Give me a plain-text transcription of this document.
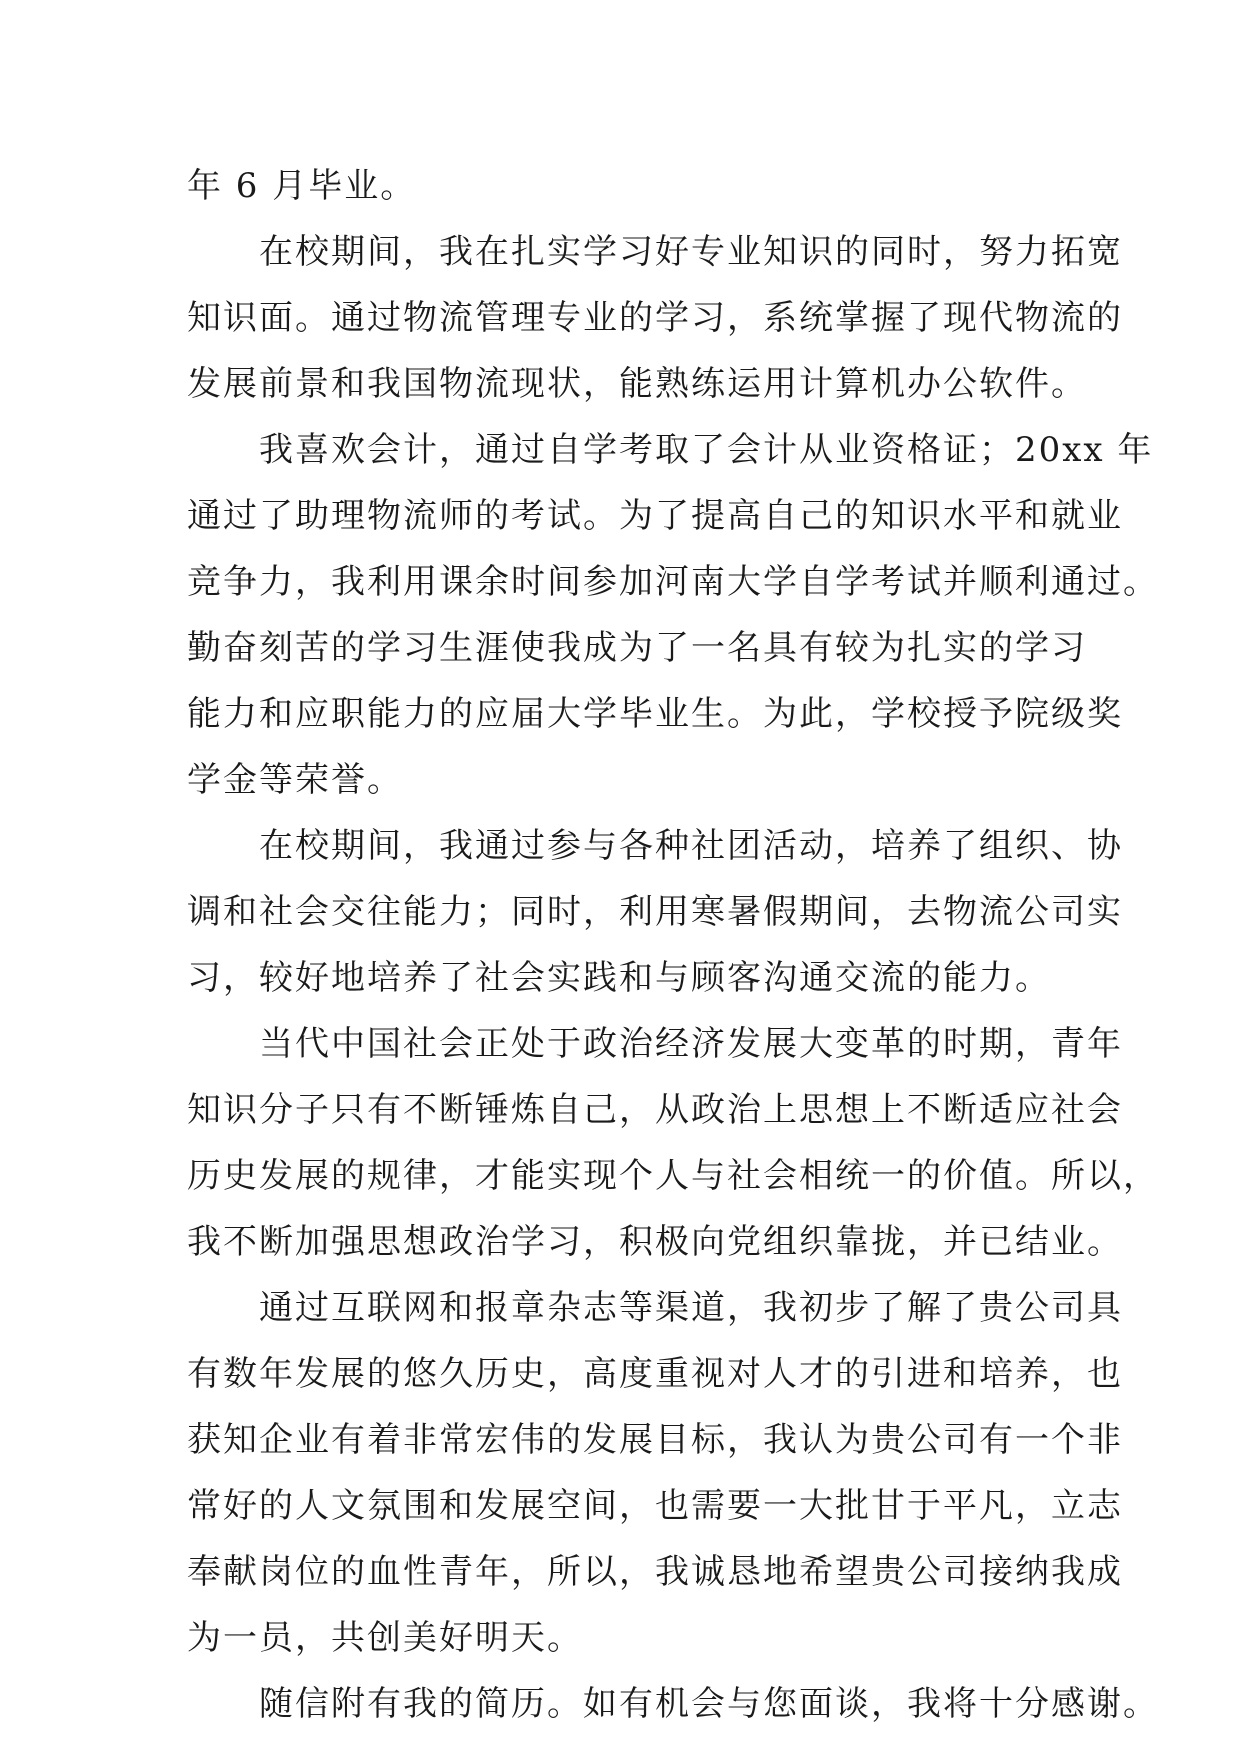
年 6 月毕业。
在校期间，我在扎实学习好专业知识的同时，努力拓宽
知识面。通过物流管理专业的学习，系统掌握了现代物流的
发展前景和我国物流现状，能熟练运用计算机办公软件。
我喜欢会计，通过自学考取了会计从业资格证；20xx 年
通过了助理物流师的考试。为了提高自己的知识水平和就业
竞争力，我利用课余时间参加河南大学自学考试并顺利通过。
勤奋刻苦的学习生涯使我成为了一名具有较为扎实的学习
能力和应职能力的应届大学毕业生。为此，学校授予院级奖
学金等荣誉。
在校期间，我通过参与各种社团活动，培养了组织、协
调和社会交往能力；同时，利用寒暑假期间，去物流公司实
习，较好地培养了社会实践和与顾客沟通交流的能力。
当代中国社会正处于政治经济发展大变革的时期，青年
知识分子只有不断锤炼自己，从政治上思想上不断适应社会
历史发展的规律，才能实现个人与社会相统一的价值。所以，
我不断加强思想政治学习，积极向党组织靠拢，并已结业。
通过互联网和报章杂志等渠道，我初步了解了贵公司具
有数年发展的悠久历史，高度重视对人才的引进和培养，也
获知企业有着非常宏伟的发展目标，我认为贵公司有一个非
常好的人文氛围和发展空间，也需要一大批甘于平凡，立志
奉献岗位的血性青年，所以，我诚恳地希望贵公司接纳我成
为一员，共创美好明天。
随信附有我的简历。如有机会与您面谈，我将十分感谢。
